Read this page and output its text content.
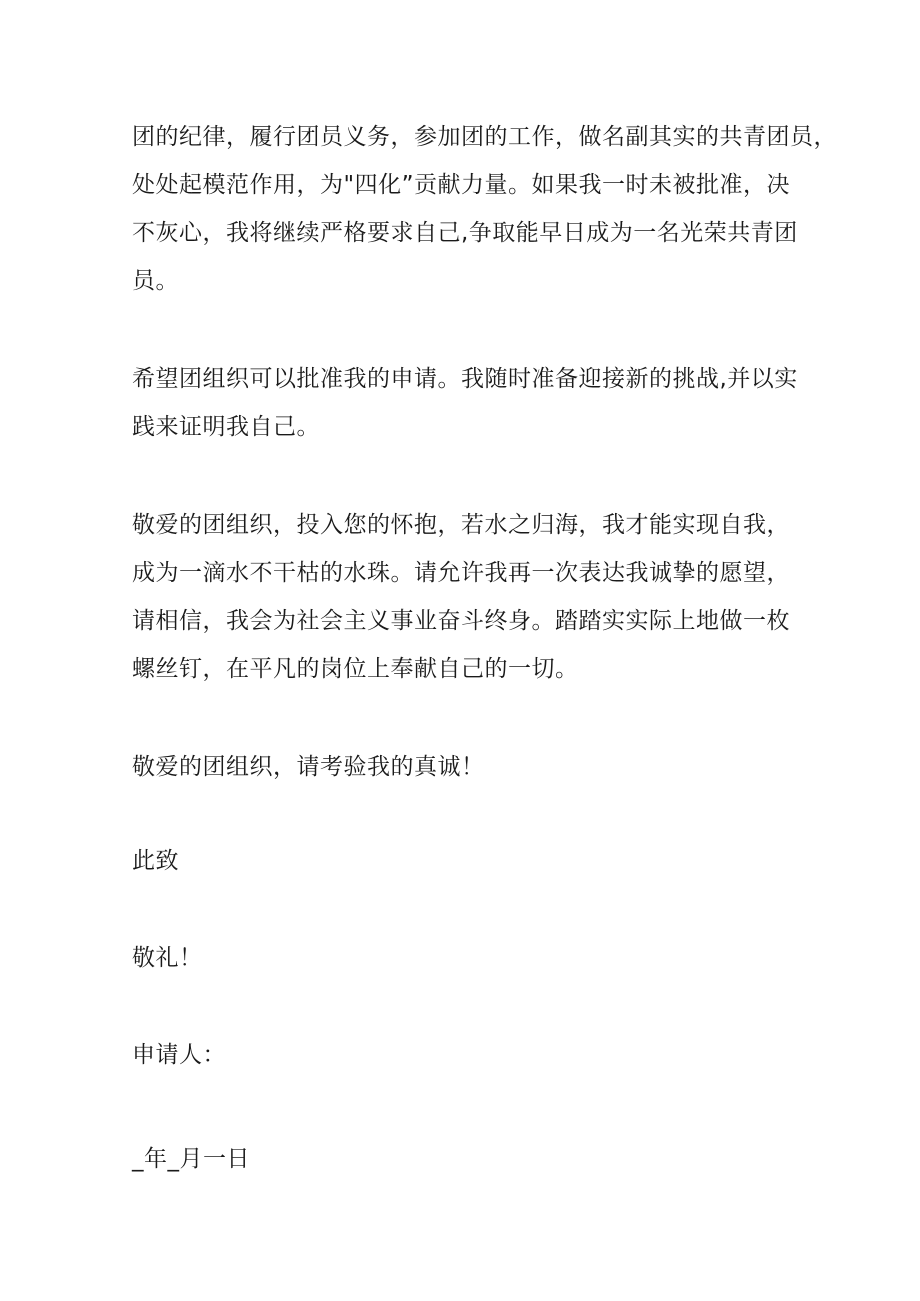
团的纪律，履行团员义务，参加团的工作，做名副其实的共青团员，
处处起模范作用，为"四化”贡献力量。如果我一时未被批准，决
不灰心，我将继续严格要求自己,争取能早日成为一名光荣共青团
员。
希望团组织可以批准我的申请。我随时准备迎接新的挑战,并以实
践来证明我自己。
敬爱的团组织，投入您的怀抱，若水之归海，我才能实现自我，
成为一滴水不干枯的水珠。请允许我再一次表达我诚挚的愿望，
请相信，我会为社会主义事业奋斗终身。踏踏实实际上地做一枚
螺丝钉，在平凡的岗位上奉献自己的一切。
敬爱的团组织，请考验我的真诚！
此致
敬礼！
申请人：
_年_月一日
